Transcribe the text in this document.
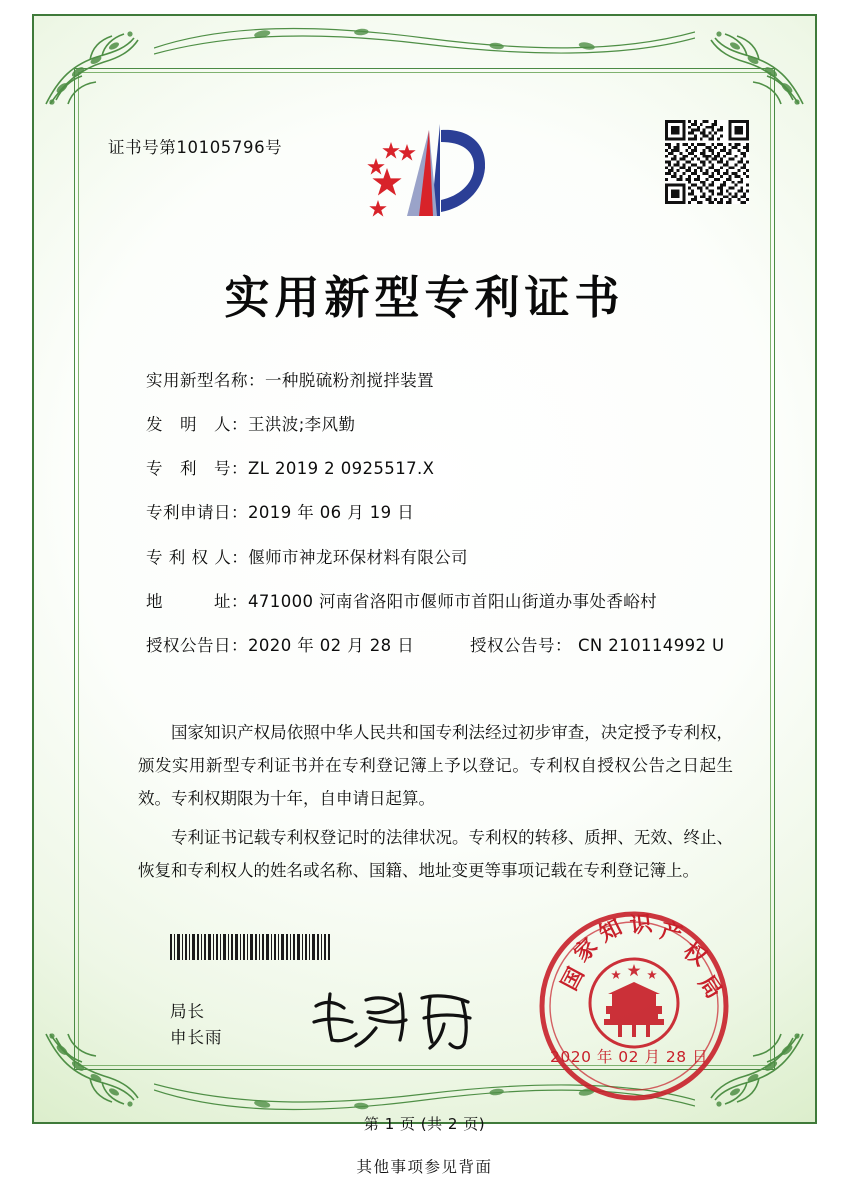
证书号第10105796号
实用新型专利证书
实用新型名称： 一种脱硫粉剂搅拌装置
发　明　人： 王洪波;李风勤
专　利　号： ZL 2019 2 0925517.X
专利申请日： 2019 年 06 月 19 日
专 利 权 人： 偃师市神龙环保材料有限公司
地　　　址： 471000 河南省洛阳市偃师市首阳山街道办事处香峪村
授权公告日： 2020 年 02 月 28 日	授权公告号： CN 210114992 U

国家知识产权局依照中华人民共和国专利法经过初步审查，决定授予专利权，颁发实用新型专利证书并在专利登记簿上予以登记。专利权自授权公告之日起生效。专利权期限为十年，自申请日起算。

专利证书记载专利权登记时的法律状况。专利权的转移、质押、无效、终止、恢复和专利权人的姓名或名称、国籍、地址变更等事项记载在专利登记簿上。

局长
申长雨
国
家
知 识 产
权
局
2020 年 02 月 28 日
第 1 页 (共 2 页)
其他事项参见背面
